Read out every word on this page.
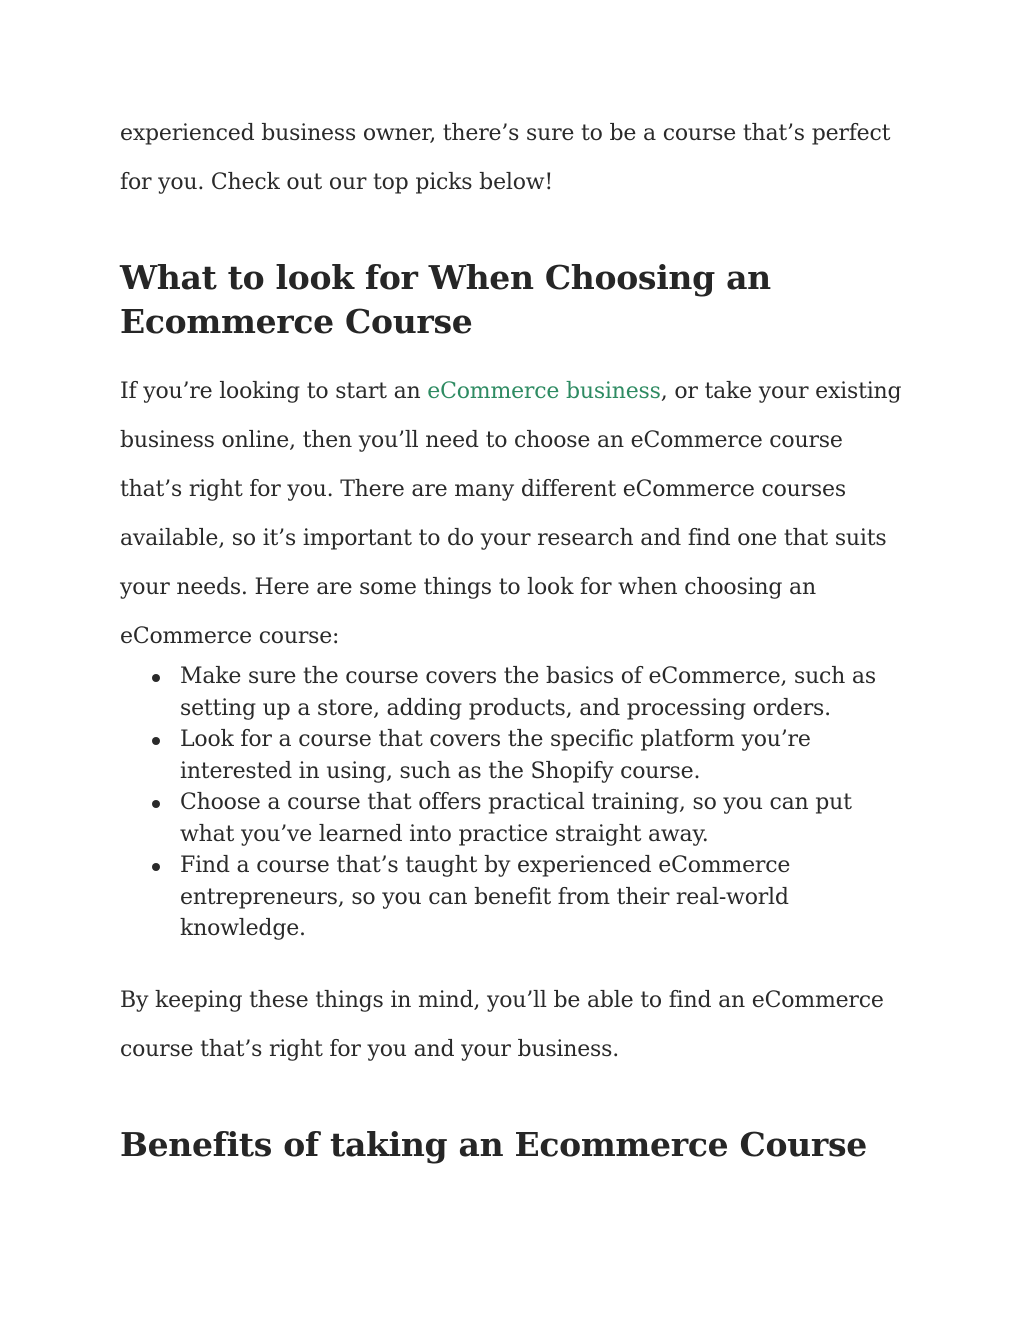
experienced business owner, there’s sure to be a course that’s perfect for you. Check out our top picks below!

What to look for When Choosing an Ecommerce Course

If you’re looking to start an eCommerce business, or take your existing business online, then you’ll need to choose an eCommerce course that’s right for you. There are many different eCommerce courses available, so it’s important to do your research and find one that suits your needs. Here are some things to look for when choosing an eCommerce course:

Make sure the course covers the basics of eCommerce, such as setting up a store, adding products, and processing orders.
Look for a course that covers the specific platform you’re interested in using, such as the Shopify course.
Choose a course that offers practical training, so you can put what you’ve learned into practice straight away.
Find a course that’s taught by experienced eCommerce entrepreneurs, so you can benefit from their real-world knowledge.

By keeping these things in mind, you’ll be able to find an eCommerce course that’s right for you and your business.

Benefits of taking an Ecommerce Course
